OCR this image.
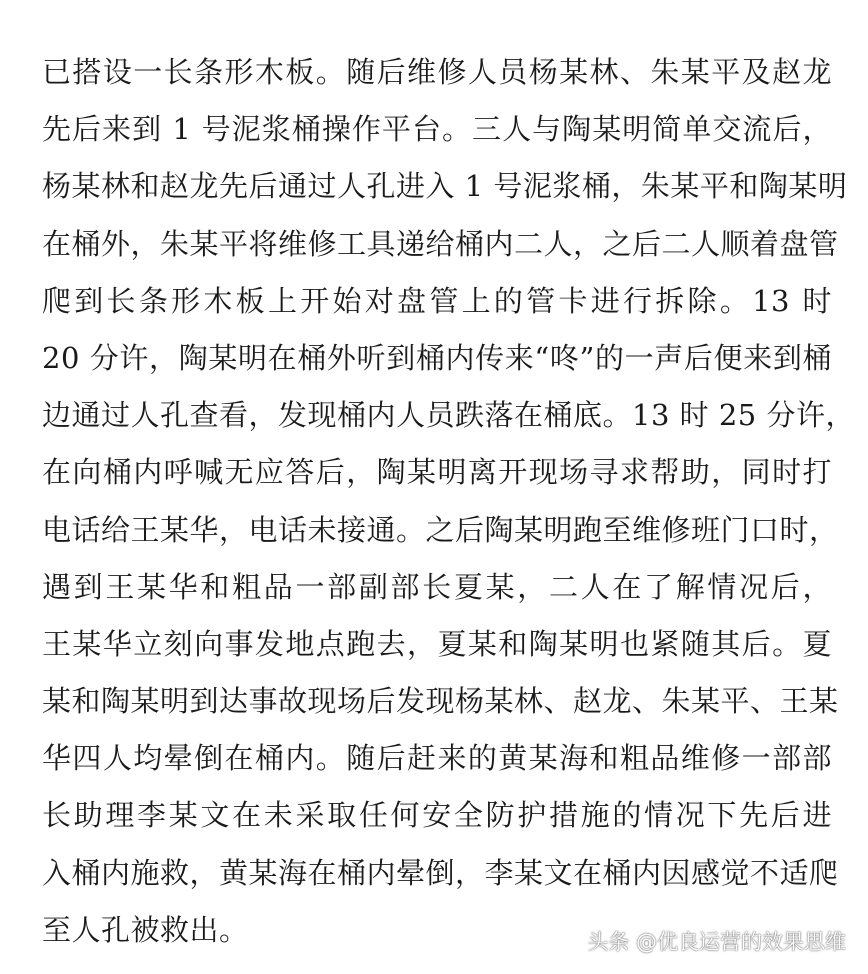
已搭设一长条形木板。随后维修人员杨某林、朱某平及赵龙
先后来到 1 号泥浆桶操作平台。三人与陶某明简单交流后，
杨某林和赵龙先后通过人孔进入 1 号泥浆桶，朱某平和陶某明
在桶外，朱某平将维修工具递给桶内二人，之后二人顺着盘管
爬到长条形木板上开始对盘管上的管卡进行拆除。13 时
20 分许，陶某明在桶外听到桶内传来“咚”的一声后便来到桶
边通过人孔查看，发现桶内人员跌落在桶底。13 时 25 分许，
在向桶内呼喊无应答后，陶某明离开现场寻求帮助，同时打
电话给王某华，电话未接通。之后陶某明跑至维修班门口时，
遇到王某华和粗品一部副部长夏某，二人在了解情况后，
王某华立刻向事发地点跑去，夏某和陶某明也紧随其后。夏
某和陶某明到达事故现场后发现杨某林、赵龙、朱某平、王某
华四人均晕倒在桶内。随后赶来的黄某海和粗品维修一部部
长助理李某文在未采取任何安全防护措施的情况下先后进
入桶内施救，黄某海在桶内晕倒，李某文在桶内因感觉不适爬
至人孔被救出。	头条 @优良运营的效果思维
